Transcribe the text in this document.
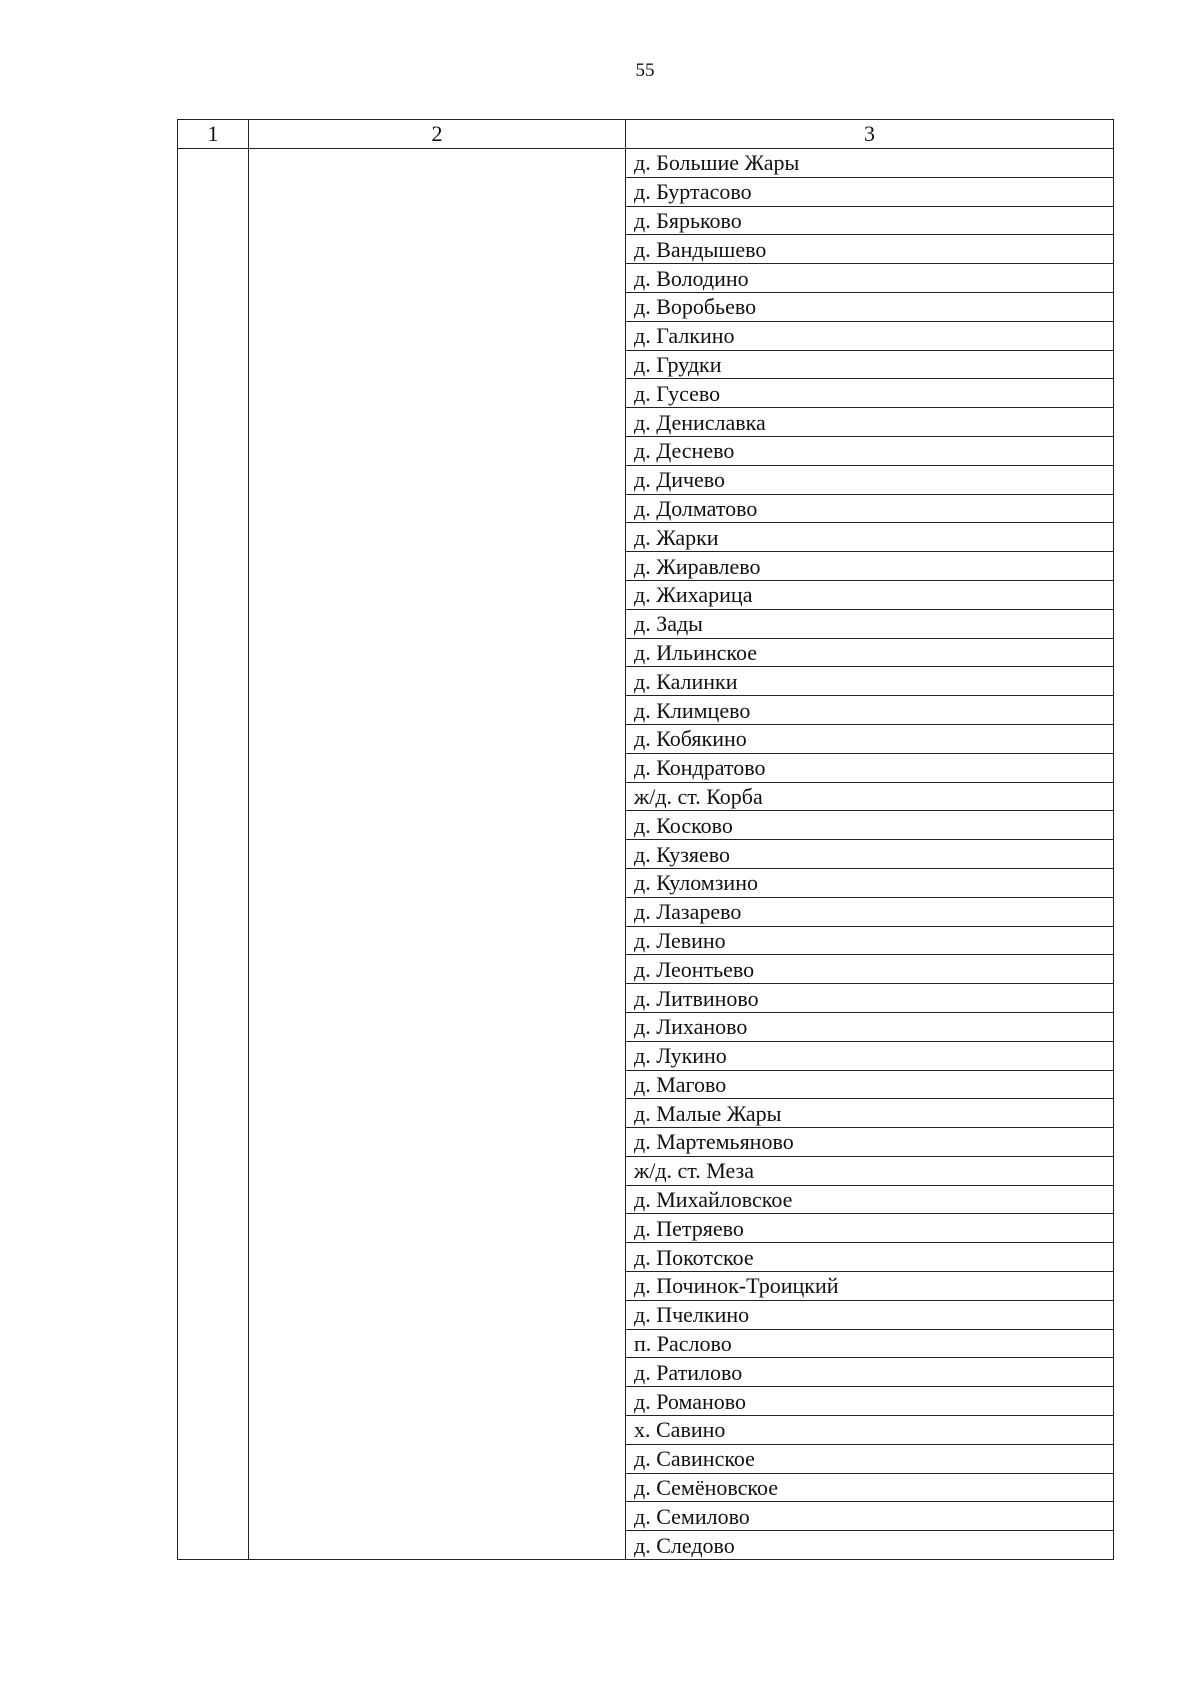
55
1	2	3
		д. Большие Жары
		д. Буртасово
		д. Бярьково
		д. Вандышево
		д. Володино
		д. Воробьево
		д. Галкино
		д. Грудки
		д. Гусево
		д. Дениславка
		д. Деснево
		д. Дичево
		д. Долматово
		д. Жарки
		д. Жиравлево
		д. Жихарица
		д. Зады
		д. Ильинское
		д. Калинки
		д. Климцево
		д. Кобякино
		д. Кондратово
		ж/д. ст. Корба
		д. Косково
		д. Кузяево
		д. Куломзино
		д. Лазарево
		д. Левино
		д. Леонтьево
		д. Литвиново
		д. Лиханово
		д. Лукино
		д. Магово
		д. Малые Жары
		д. Мартемьяново
		ж/д. ст. Меза
		д. Михайловское
		д. Петряево
		д. Покотское
		д. Починок-Троицкий
		д. Пчелкино
		п. Раслово
		д. Ратилово
		д. Романово
		х. Савино
		д. Савинское
		д. Семёновское
		д. Семилово
		д. Следово
